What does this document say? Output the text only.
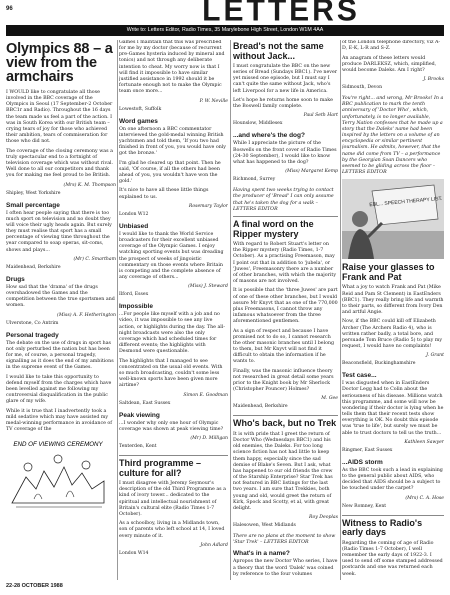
96	LETTERS
Write to: Letters Editor, Radio Times, 35 Marylebone High Street, London W1M 4AA
Olympics 88 – a view from the armchairs

I WOULD like to congratulate all those involved in the BBC coverage of the Olympics in Seoul (17 September-2 October BBC1r and Radio). Throughout the 16 days the team made us feel a part of the action. I was in South Korea with our British team – crying tears of joy for those who achieved their ambition, tears of commiseration for those who did not.

The coverage of the closing ceremony was a truly spectacular end to a fortnight of television coverage which was without rival. Well done to all our competitors and thank you for making me feel proud to be British.

(Mrs) K. M. Thompson
Shipley, West Yorkshire
Small percentage

I often hear people saying that there is too much sport on television and no doubt they will voice their ugly heads again. But surely they must realise that sport has a small percentage of viewing time throughout the year compared to soap operas, sit-coms, shows and plays...

(Mr) C. Smartham
Maidenhead, Berkshire
Drugs

How sad that the 'drama' of the drugs overshadowed the Games and the competition between the true sportsmen and women.

(Miss) A. F. Hetherington
Ulverstone, Co Antrim
Personal tragedy

The debate on the use of drugs in sport has not only perturbed the nation but has been for me, of course, a personal tragedy, signalling as it does the end of my ambitions in the supreme event of the Games.

I would like to take this opportunity to defend myself from the charges which have been levelled against me following my controversial disqualification in the public glare of my wife.

While it is true that I inadvertently took a mild sedative which may have assisted my medal-winning performance in avoidance of TV coverage of the

END OF VIEWING CEREMONY

Games I maintain that this was prescribed for me by my doctor (because of recurrent pre-Games hysteria induced by mineral and tonics) and not through any deliberate intention to cheat. My worry now is that I will find it impossible to have similar justified assistance in 1992 should it be fortunate enough not to make the Olympic team once more...

P. W. Neville
Lowestoft, Suffolk
Word games

On one afternoon a BBC commentator interviewed the gold-medal winning British yachtsmen and told them, 'If you two had finished in front of you, you would have only got the bronze.'

I'm glad he cleared up that point. Then he said, 'Of course, if all the others had been ahead of you, you wouldn't have won the gold.'

It's nice to have all these little things explained to us.

Rosemary Taylor
London W12
Unbiased

I would like to thank the World Service broadcasters for their excellent unbiased coverage of the Olympic Games. I enjoy watching sporting events but was dreading the prospect of weeks of jingoistic commentary on those events where Britain is competing and the complete absence of any coverage of others...

(Miss) J. Steward
Ilford, Essex
Impossible

...For people like myself with a job and no video, it was impossible to see any live action, or highlights during the day. The all-night broadcasts were also the only coverage which had scheduled times for different events; the highlights with Desmond were questionable.

The highlights that I managed to see concentrated on the usual old events. With so much broadcasting, couldn't some less well-known sports have been given more airtime?

Simon E. Goodman
Saltdean, East Sussex
Peak viewing

...I wonder why only one hour of Olympic coverage was shown at peak viewing time?

(Mr) D. Milligan
Tenterden, Kent
Third programme – culture for all?

I must disagree with Jeremy Seymour's description of the old Third Programme as a kind of ivory tower... dedicated to the spiritual and intellectual nourishment of Britain's cultural elite (Radio Times 1-7 October).

As a schoolboy, living in a Midlands town, son of parents who left school at 14, I loved every minute of it.

John Adlard
London W14
Bread's not the same without Jack...

I must congratulate the BBC on the new series of Bread (Sundays BBC1). I've never yet missed one episode, but I must say I can't quite the same without Jack, who's left Liverpool for a new life in America.

Let's hope he returns home soon to make the Boswell family complete.

Paul Seth Hart
Hounslow, Middlesex
...and where's the dog?

While I appreciate the picture of the Boswells on the front cover of Radio Times (24-30 September), I would like to know what has happened to the dog?

(Miss) Margaret Kemp
Richmond, Surrey

Having spent two weeks trying to contact the producer of 'Bread' I can only assume that he's taken the dog for a walk – LETTERS EDITOR

A final word on the Ripper mystery

With regard to Robert Stuart's letter on the Ripper mystery (Radio Times, 1-7 October). As a practising Freemason, may I point out that in addition to 'jubela', or 'Juwes', Freemasonry there are a number of other branches, with which the majority of masons are not involved.

It is possible that the 'three Juwes' are part of one of these other branches, but I would assure Mr Knyvt that as one of the 770,000 plus Freemasons, I cannot throw any infamous whatsoever from the three aforementioned gentlemen.

As a sign of respect and because I have promised not to do so, I cannot research the other masonic branches until I belong to them, but Mr Knyvt will not find it difficult to obtain the information if he wants to.

Finally, was the masonic influence theory not researched in great detail some years prior to the Knight book by Mr Sherlock (Christopher Pouncer) Holmes?

M. Gee
Maidenhead, Berkshire
Who's back, but no Trek

It is with pride that I greet the return of Doctor Who (Wednesdays BBC1) and his old enemies, the Daleks. For too long science fiction has not had little to keep them happy, especially since the sad demise of Blake's Seven. But I ask, what has happened to our old friends the crew of the Starship Enterprise? Star Trek has not featured in BBC listings for the last two years. I am sure that Trekkies, both young and old, would greet the return of Kirk, Spock and Scotty, et al, with great delight.

Roy Deoplas
Halesowen, West Midlands

There are no plans at the moment to show 'Star Trek' – LETTERS EDITOR

What's in a name?

Apropos the new Doctor Who series, I have a theory that the word 'Dalek' was coined by reference to the four volumes

of the London telephone directory, viz A-D, E-K, L-R and S-Z.

An anagram of these letters would produce DARLEKSZ, which, simplified, would become Daleks. Am I right?

J. Brooks
Sidmouth, Devon

You're right... and wrong, Mr Brooks! In a BBC publication to mark the tenth anniversary of 'Doctor Who', which, unfortunately, is no longer available, Terry Nation confesses that he made up a story that the Daleks' name had been inspired by the letters on a volume of an encyclopedia or similar pertinent journalism. He admits, however, that the name did come from TV – a performance by the Georgian Soan Dancers who seemed to be gliding across the floor – LETTERS EDITOR

EBL... SPEECH THERAPY LIST.
Raise your glasses to Frank and Pat

What a joy to watch Frank and Pat (Mike Reid and Pam St Clement) in EastEnders (BBC1). They really bring life and warmth to their parts, so different from Ivory Den and artful Angie.

Now, if the BBC could kill off Elizabeth Archer (The Archers Radio 4), who is written rather badly, a total bore, and persuade Tom Bruce (Radio 5) to play my request, I would have no complaints!

J. Grant
Beaconsfield, Buckinghamshire
Test case...

I was disgusted when in EastEnders Doctor Legg had to Colin about the seriousness of his disease. Millions watch this programme, and some will now be wondering if their doctor is lying when he tells them that their recent tests show everything is OK. No doubt this episode was 'true to life', but surely we must be able to trust doctors to tell us the truth...

Kathleen Sawyer
Ringmer, East Sussex
...AIDS storm

As the BBC took such a lead in explaining to the general public about AIDS, who decided that AIDS should be a subject to be touched under the carpet?

(Mrs) C. A. Hose
New Romney, Kent
Witness to Radio's early days

Regarding the coming of age of Radio (Radio Times 1-7 October), I well remember the early days of 1922-3. I used to send off some stamped addressed postcards and one was returned each week.

22-28 OCTOBER 1988
